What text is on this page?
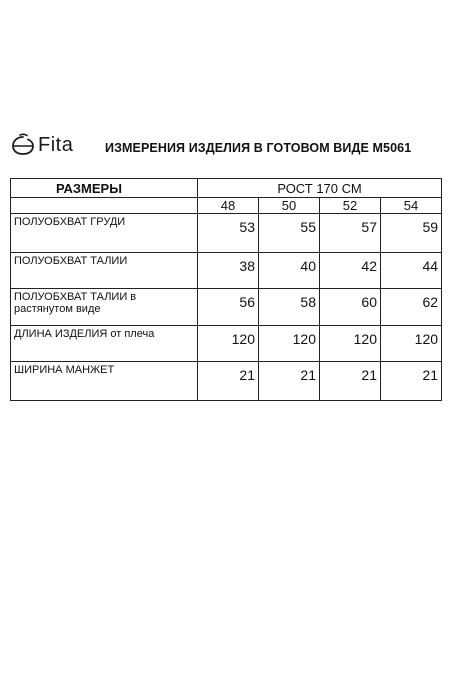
Fita	ИЗМЕРЕНИЯ ИЗДЕЛИЯ В ГОТОВОМ ВИДЕ М5061
РАЗМЕРЫ	РОСТ 170 СМ			
	48	50	52	54
ПОЛУОБХВАТ ГРУДИ	53	55	57	59
ПОЛУОБХВАТ ТАЛИИ	38	40	42	44
ПОЛУОБХВАТ ТАЛИИ в растянутом виде	56	58	60	62
ДЛИНА ИЗДЕЛИЯ от плеча	120	120	120	120
ШИРИНА МАНЖЕТ	21	21	21	21
